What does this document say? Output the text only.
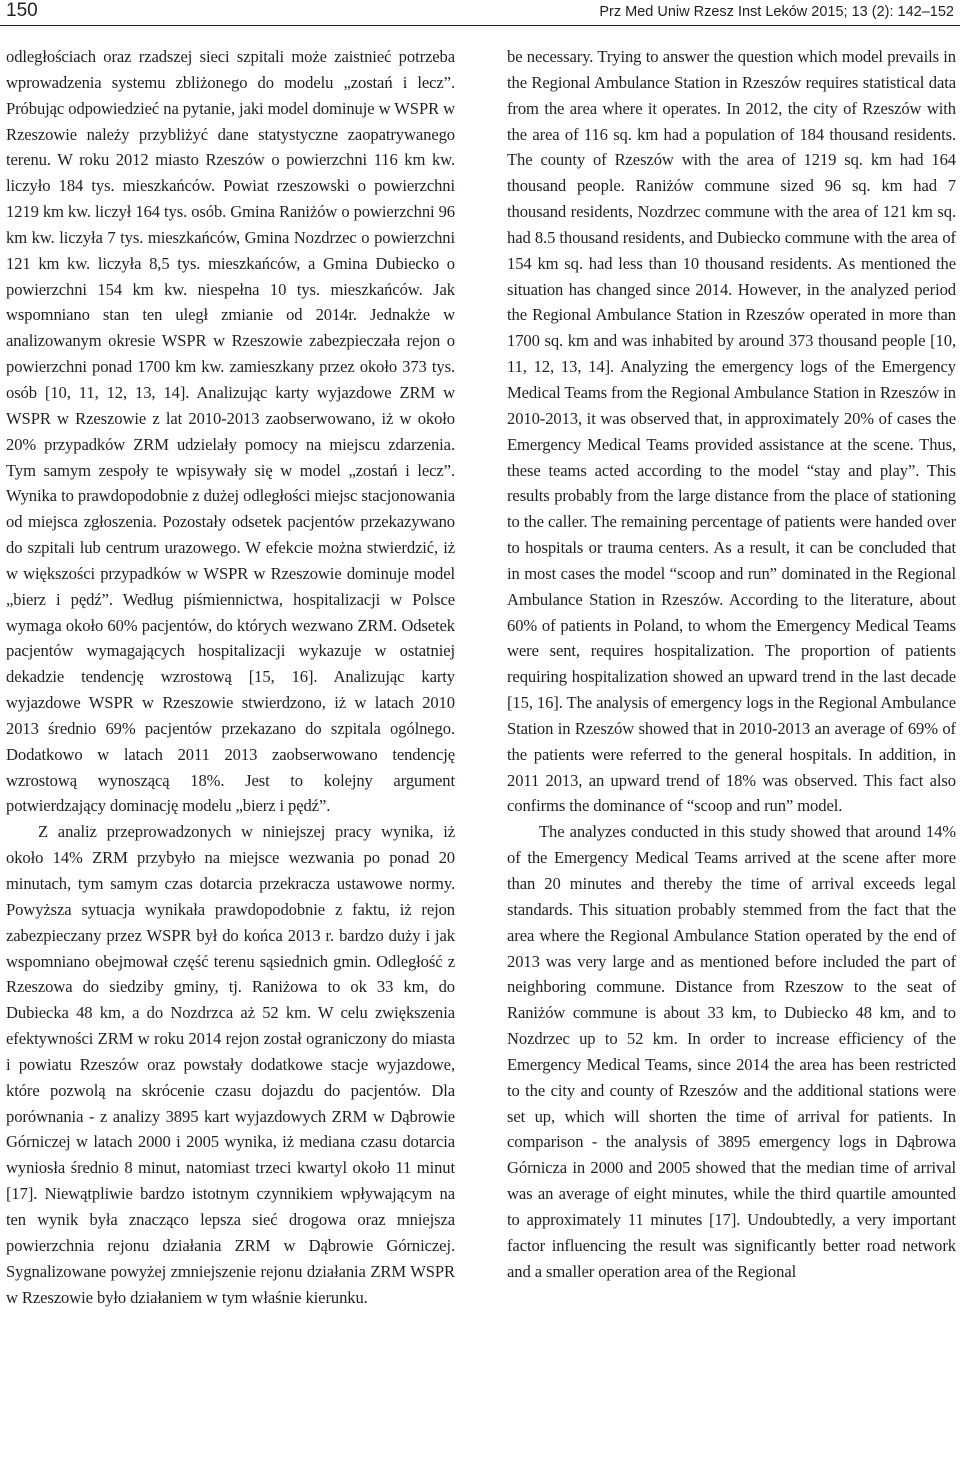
150	Prz Med Uniw Rzesz Inst Leków 2015; 13 (2): 142–152

odległościach oraz rzadszej sieci szpitali może zaistnieć potrzeba wprowadzenia systemu zbliżonego do modelu „zostań i lecz”. Próbując odpowiedzieć na pytanie, jaki model dominuje w WSPR w Rzeszowie należy przybliżyć dane statystyczne zaopatrywanego terenu. W roku 2012 miasto Rzeszów o powierzchni 116 km kw. liczyło 184 tys. mieszkańców. Powiat rzeszowski o powierzchni 1219 km kw. liczył 164 tys. osób. Gmina Raniżów o powierzchni 96 km kw. liczyła 7 tys. mieszkańców, Gmina Nozdrzec o powierzchni 121 km kw. liczyła 8,5 tys. mieszkańców, a Gmina Dubiecko o powierzchni 154 km kw. niespełna 10 tys. mieszkańców. Jak wspomniano stan ten uległ zmianie od 2014r. Jednakże w analizowanym okresie WSPR w Rzeszowie zabezpieczała rejon o powierzchni ponad 1700 km kw. zamieszkany przez około 373 tys. osób [10, 11, 12, 13, 14]. Analizując karty wyjazdowe ZRM w WSPR w Rzeszowie z lat 2010-2013 zaobserwowano, iż w około 20% przypadków ZRM udzielały pomocy na miejscu zdarzenia. Tym samym zespoły te wpisywały się w model „zostań i lecz”. Wynika to prawdopodobnie z dużej odległości miejsc stacjonowania od miejsca zgłoszenia. Pozostały odsetek pacjentów przekazywano do szpitali lub centrum urazowego. W efekcie można stwierdzić, iż w większości przypadków w WSPR w Rzeszowie dominuje model „bierz i pędź”. Według piśmiennictwa, hospitalizacji w Polsce wymaga około 60% pacjentów, do których wezwano ZRM. Odsetek pacjentów wymagających hospitalizacji wykazuje w ostatniej dekadzie tendencję wzrostową [15, 16]. Analizując karty wyjazdowe WSPR w Rzeszowie stwierdzono, iż w latach 2010 2013 średnio 69% pacjentów przekazano do szpitala ogólnego. Dodatkowo w latach 2011 2013 zaobserwowano tendencję wzrostową wynoszącą 18%. Jest to kolejny argument potwierdzający dominację modelu „bierz i pędź”.

Z analiz przeprowadzonych w niniejszej pracy wynika, iż około 14% ZRM przybyło na miejsce wezwania po ponad 20 minutach, tym samym czas dotarcia przekracza ustawowe normy. Powyższa sytuacja wynikała prawdopodobnie z faktu, iż rejon zabezpieczany przez WSPR był do końca 2013 r. bardzo duży i jak wspomniano obejmował część terenu sąsiednich gmin. Odległość z Rzeszowa do siedziby gminy, tj. Raniżowa to ok 33 km, do Dubiecka 48 km, a do Nozdrzca aż 52 km. W celu zwiększenia efektywności ZRM w roku 2014 rejon został ograniczony do miasta i powiatu Rzeszów oraz powstały dodatkowe stacje wyjazdowe, które pozwolą na skrócenie czasu dojazdu do pacjentów. Dla porównania - z analizy 3895 kart wyjazdowych ZRM w Dąbrowie Górniczej w latach 2000 i 2005 wynika, iż mediana czasu dotarcia wyniosła średnio 8 minut, natomiast trzeci kwartyl około 11 minut [17]. Niewątpliwie bardzo istotnym czynnikiem wpływającym na ten wynik była znacząco lepsza sieć drogowa oraz mniejsza powierzchnia rejonu działania ZRM w Dąbrowie Górniczej. Sygnalizowane powyżej zmniejszenie rejonu działania ZRM WSPR w Rzeszowie było działaniem w tym właśnie kierunku.

be necessary. Trying to answer the question which model prevails in the Regional Ambulance Station in Rzeszów requires statistical data from the area where it operates. In 2012, the city of Rzeszów with the area of 116 sq. km had a population of 184 thousand residents. The county of Rzeszów with the area of 1219 sq. km had 164 thousand people. Raniżów commune sized 96 sq. km had 7 thousand residents, Nozdrzec commune with the area of 121 km sq. had 8.5 thousand residents, and Dubiecko commune with the area of 154 km sq. had less than 10 thousand residents. As mentioned the situation has changed since 2014. However, in the analyzed period the Regional Ambulance Station in Rzeszów operated in more than 1700 sq. km and was inhabited by around 373 thousand people [10, 11, 12, 13, 14]. Analyzing the emergency logs of the Emergency Medical Teams from the Regional Ambulance Station in Rzeszów in 2010-2013, it was observed that, in approximately 20% of cases the Emergency Medical Teams provided assistance at the scene. Thus, these teams acted according to the model “stay and play”. This results probably from the large distance from the place of stationing to the caller. The remaining percentage of patients were handed over to hospitals or trauma centers. As a result, it can be concluded that in most cases the model “scoop and run” dominated in the Regional Ambulance Station in Rzeszów. According to the literature, about 60% of patients in Poland, to whom the Emergency Medical Teams were sent, requires hospitalization. The proportion of patients requiring hospitalization showed an upward trend in the last decade [15, 16]. The analysis of emergency logs in the Regional Ambulance Station in Rzeszów showed that in 2010-2013 an average of 69% of the patients were referred to the general hospitals. In addition, in 2011 2013, an upward trend of 18% was observed. This fact also confirms the dominance of “scoop and run” model.

The analyzes conducted in this study showed that around 14% of the Emergency Medical Teams arrived at the scene after more than 20 minutes and thereby the time of arrival exceeds legal standards. This situation probably stemmed from the fact that the area where the Regional Ambulance Station operated by the end of 2013 was very large and as mentioned before included the part of neighboring commune. Distance from Rzeszow to the seat of Raniżów commune is about 33 km, to Dubiecko 48 km, and to Nozdrzec up to 52 km. In order to increase efficiency of the Emergency Medical Teams, since 2014 the area has been restricted to the city and county of Rzeszów and the additional stations were set up, which will shorten the time of arrival for patients. In comparison - the analysis of 3895 emergency logs in Dąbrowa Górnicza in 2000 and 2005 showed that the median time of arrival was an average of eight minutes, while the third quartile amounted to approximately 11 minutes [17]. Undoubtedly, a very important factor influencing the result was significantly better road network and a smaller operation area of the Regional
